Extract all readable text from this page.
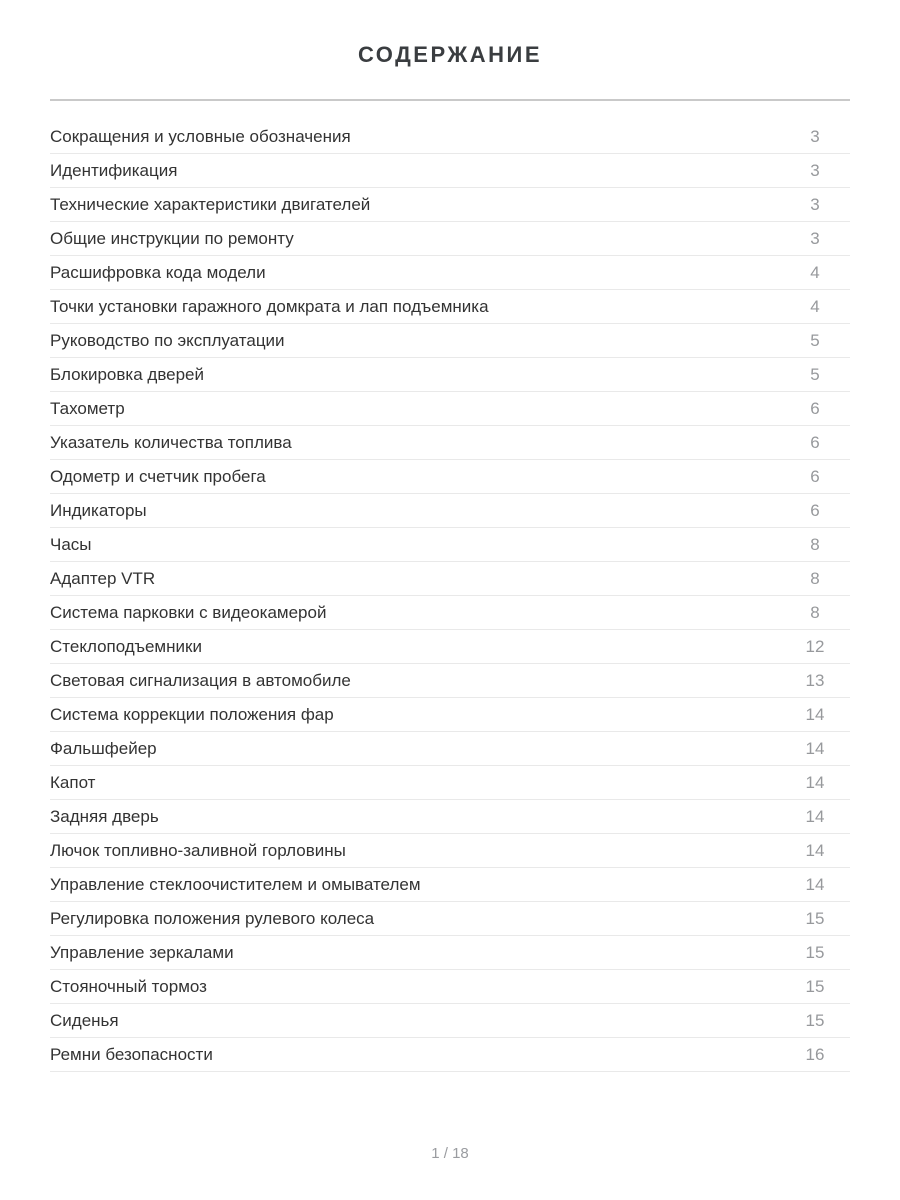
СОДЕРЖАНИЕ
Сокращения и условные обозначения	3
Идентификация	3
Технические характеристики двигателей	3
Общие инструкции по ремонту	3
Расшифровка кода модели	4
Точки установки гаражного домкрата и лап подъемника	4
Руководство по эксплуатации	5
Блокировка дверей	5
Тахометр	6
Указатель количества топлива	6
Одометр и счетчик пробега	6
Индикаторы	6
Часы	8
Адаптер VTR	8
Система парковки с видеокамерой	8
Стеклоподъемники	12
Световая сигнализация в автомобиле	13
Система коррекции положения фар	14
Фальшфейер	14
Капот	14
Задняя дверь	14
Лючок топливно-заливной горловины	14
Управление стеклоочистителем и омывателем	14
Регулировка положения рулевого колеса	15
Управление зеркалами	15
Стояночный тормоз	15
Сиденья	15
Ремни безопасности	16
1 / 18
